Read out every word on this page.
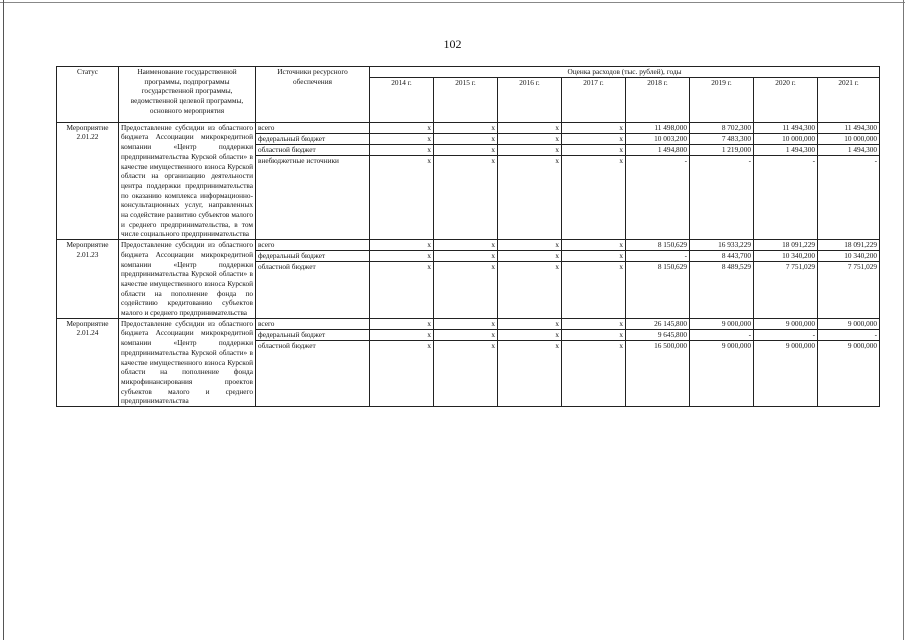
102
Статус	Наименование государственной программы, подпрограммы государственной программы, ведомственной целевой программы, основного мероприятия	Источники ресурсного обеспечения	Оценка расходов (тыс. рублей), годы							
			2014 г.	2015 г.	2016 г.	2017 г.	2018 г.	2019 г.	2020 г.	2021 г.
Мероприятие 2.01.22	Предоставление субсидии из областного бюджета Ассоциации микрокредитной компании «Центр поддержки предпринимательства Курской области» в качестве имущественного взноса Курской области на организацию деятельности центра поддержки предпринимательства по оказанию комплекса информационно-консультационных услуг, направленных на содействие развитию субъектов малого и среднего предпринимательства, в том числе социального предпринимательства	всего	x	x	x	x	11 498,000	8 702,300	11 494,300	11 494,300
		федеральный бюджет	x	x	x	x	10 003,200	7 483,300	10 000,000	10 000,000
		областной бюджет	x	x	x	x	1 494,800	1 219,000	1 494,300	1 494,300
		внебюджетные источники	x	x	x	x	-	-	-	-
Мероприятие 2.01.23	Предоставление субсидии из областного бюджета Ассоциации микрокредитной компании «Центр поддержки предпринимательства Курской области» в качестве имущественного взноса Курской области на пополнение фонда по содействию кредитованию субъектов малого и среднего предпринимательства	всего	x	x	x	x	8 150,629	16 933,229	18 091,229	18 091,229
		федеральный бюджет	x	x	x	x	-	8 443,700	10 340,200	10 340,200
		областной бюджет	x	x	x	x	8 150,629	8 489,529	7 751,029	7 751,029
Мероприятие 2.01.24	Предоставление субсидии из областного бюджета Ассоциации микрокредитной компании «Центр поддержки предпринимательства Курской области» в качестве имущественного взноса Курской области на пополнение фонда микрофинансирования проектов субъектов малого и среднего предпринимательства	всего	x	x	x	x	26 145,800	9 000,000	9 000,000	9 000,000
		федеральный бюджет	x	x	x	x	9 645,800	-	-	-
		областной бюджет	x	x	x	x	16 500,000	9 000,000	9 000,000	9 000,000
